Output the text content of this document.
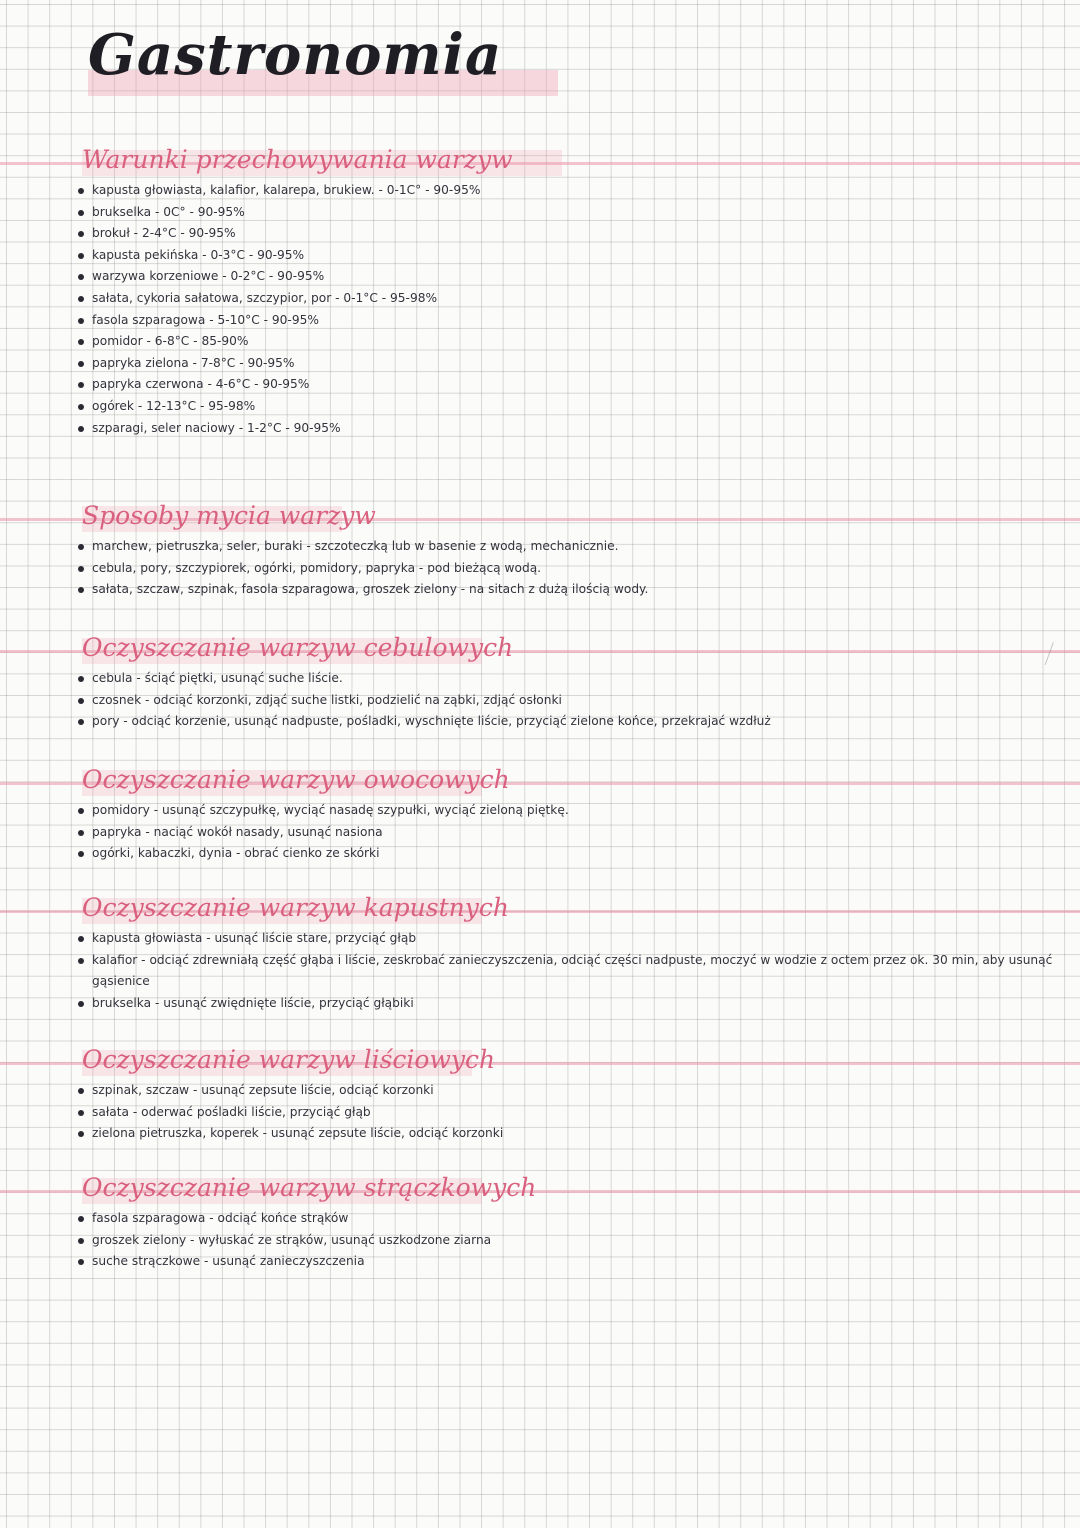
Gastronomia
Warunki przechowywania warzyw
kapusta głowiasta, kalafior, kalarepa, brukiew. - 0-1C° - 90-95%
brukselka - 0C° - 90-95%
brokuł - 2-4°C - 90-95%
kapusta pekińska - 0-3°C - 90-95%
warzywa korzeniowe - 0-2°C - 90-95%
sałata, cykoria sałatowa, szczypior, por - 0-1°C - 95-98%
fasola szparagowa - 5-10°C - 90-95%
pomidor - 6-8°C - 85-90%
papryka zielona - 7-8°C - 90-95%
papryka czerwona - 4-6°C - 90-95%
ogórek - 12-13°C - 95-98%
szparagi, seler naciowy - 1-2°C - 90-95%
Sposoby mycia warzyw
marchew, pietruszka, seler, buraki - szczoteczką lub w basenie z wodą, mechanicznie.
cebula, pory, szczypiorek, ogórki, pomidory, papryka - pod bieżącą wodą.
sałata, szczaw, szpinak, fasola szparagowa, groszek zielony - na sitach z dużą ilością wody.
Oczyszczanie warzyw cebulowych
cebula - ściąć piętki, usunąć suche liście.
czosnek - odciąć korzonki, zdjąć suche listki, podzielić na ząbki, zdjąć osłonki
pory - odciąć korzenie, usunąć nadpuste, pośladki, wyschnięte liście, przyciąć zielone końce, przekrajać wzdłuż
Oczyszczanie warzyw owocowych
pomidory - usunąć szczypułkę, wyciąć nasadę szypułki, wyciąć zieloną piętkę.
papryka - naciąć wokół nasady, usunąć nasiona
ogórki, kabaczki, dynia - obrać cienko ze skórki
Oczyszczanie warzyw kapustnych
kapusta głowiasta - usunąć liście stare, przyciąć głąb
kalafior - odciąć zdrewniałą część głąba i liście, zeskrobać zanieczyszczenia, odciąć części nadpuste, moczyć w wodzie z octem przez ok. 30 min, aby usunąć gąsienice
brukselka - usunąć zwiędnięte liście, przyciąć głąbiki
Oczyszczanie warzyw liściowych
szpinak, szczaw - usunąć zepsute liście, odciąć korzonki
sałata - oderwać pośladki liście, przyciąć głąb
zielona pietruszka, koperek - usunąć zepsute liście, odciąć korzonki
Oczyszczanie warzyw strączkowych
fasola szparagowa - odciąć końce strąków
groszek zielony - wyłuskać ze strąków, usunąć uszkodzone ziarna
suche strączkowe - usunąć zanieczyszczenia
